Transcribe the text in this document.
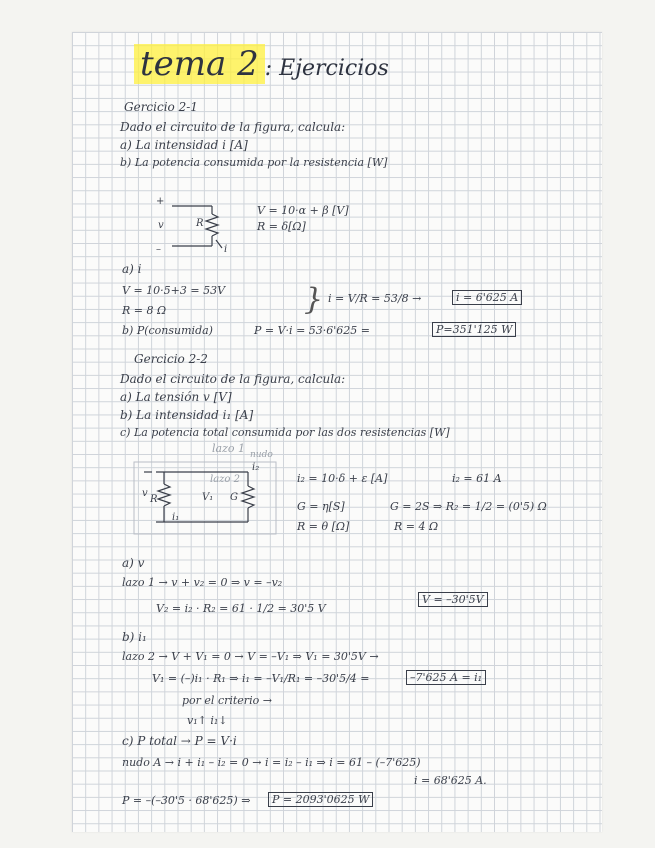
tema 2 : Ejercicios
Gercicio 2-1
Dado el circuito de la figura, calcula:
a) La intensidad i [A]
b) La potencia consumida por la resistencia [W]
+
v
–
R
i
V = 10·α + β [V]
R = δ[Ω]
a) i
V = 10·5+3 = 53V
R = 8 Ω	} i = V/R = 53/8 →	i = 6'625 A
b) P(consumida)	P = V·i = 53·6'625 =	P=351'125 W
Gercicio 2-2
Dado el circuito de la figura, calcula:
a) La tensión v [V]
b) La intensidad i₁ [A]
c) La potencia total consumida por las dos resistencias [W]
lazo 1 nudo
v
R
i₁
i₂
G
V₁
lazo 2	i₂ = 10·δ + ε [A]	i₂ = 61 A
G = η[S]	G = 2S ⇒ R₂ = 1/2 = (0'5) Ω
R = θ [Ω]	R = 4 Ω
a) v
lazo 1 → v + v₂ = 0 ⇒ v = –v₂
V₂ = i₂ · R₂ = 61 · 1/2 = 30'5 V
V = –30'5V
b) i₁
lazo 2 → V + V₁ = 0 → V = –V₁ ⇒ V₁ = 30'5V →
V₁ = (–)i₁ · R₁ ⇒ i₁ = –V₁/R₁ = –30'5/4 =	–7'625 A = i₁
por el criterio →
v₁↑ i₁↓
c) P total → P = V·i
nudo A → i + i₁ – i₂ = 0 → i = i₂ – i₁ ⇒ i = 61 – (–7'625)
i = 68'625 A.
P = –(–30'5 · 68'625) ⇒	P = 2093'0625 W
